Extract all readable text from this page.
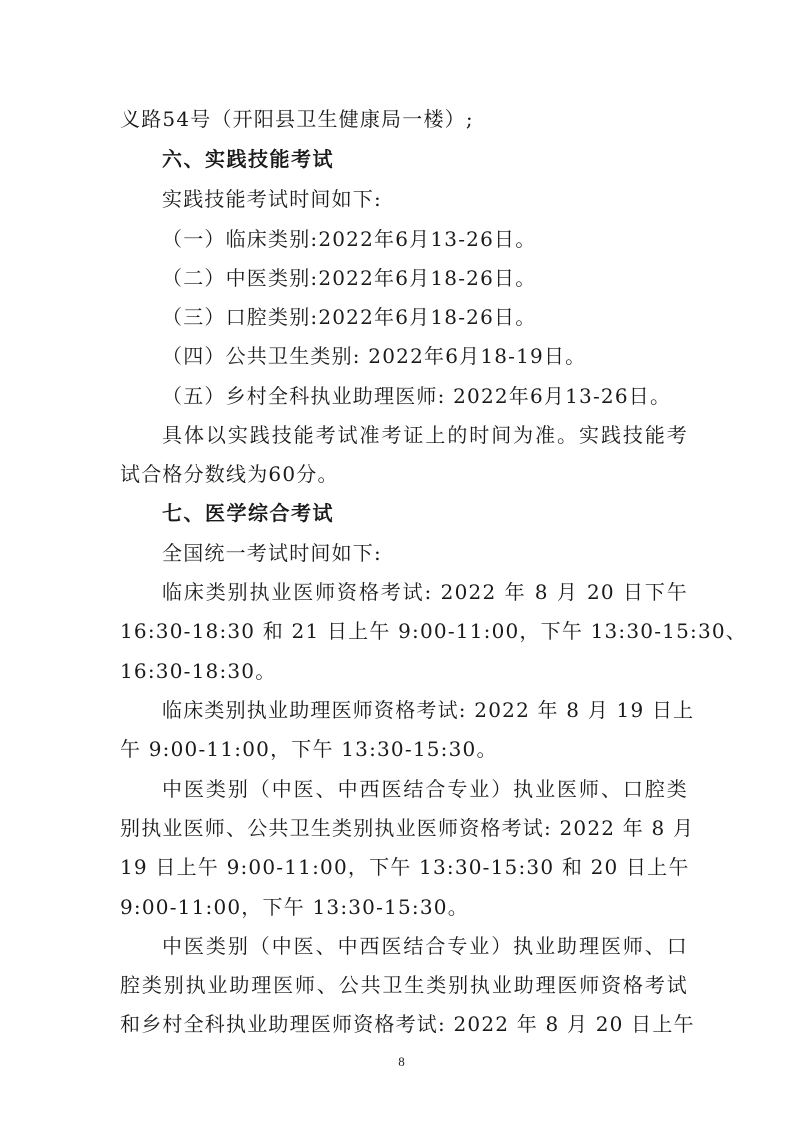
义路54号（开阳县卫生健康局一楼）;
六、实践技能考试
实践技能考试时间如下:
（一）临床类别:2022年6月13-26日。
（二）中医类别:2022年6月18-26日。
（三）口腔类别:2022年6月18-26日。
（四）公共卫生类别: 2022年6月18-19日。
（五）乡村全科执业助理医师: 2022年6月13-26日。
具体以实践技能考试准考证上的时间为准。实践技能考
试合格分数线为60分。
七、医学综合考试
全国统一考试时间如下:
临床类别执业医师资格考试: 2022 年 8 月 20 日下午
16:30-18:30 和 21 日上午 9:00-11:00，下午 13:30-15:30、
16:30-18:30。
临床类别执业助理医师资格考试: 2022 年 8 月 19 日上
午 9:00-11:00，下午 13:30-15:30。
中医类别（中医、中西医结合专业）执业医师、口腔类
别执业医师、公共卫生类别执业医师资格考试: 2022 年 8 月
19 日上午 9:00-11:00，下午 13:30-15:30 和 20 日上午
9:00-11:00，下午 13:30-15:30。
中医类别（中医、中西医结合专业）执业助理医师、口
腔类别执业助理医师、公共卫生类别执业助理医师资格考试
和乡村全科执业助理医师资格考试: 2022 年 8 月 20 日上午
8
